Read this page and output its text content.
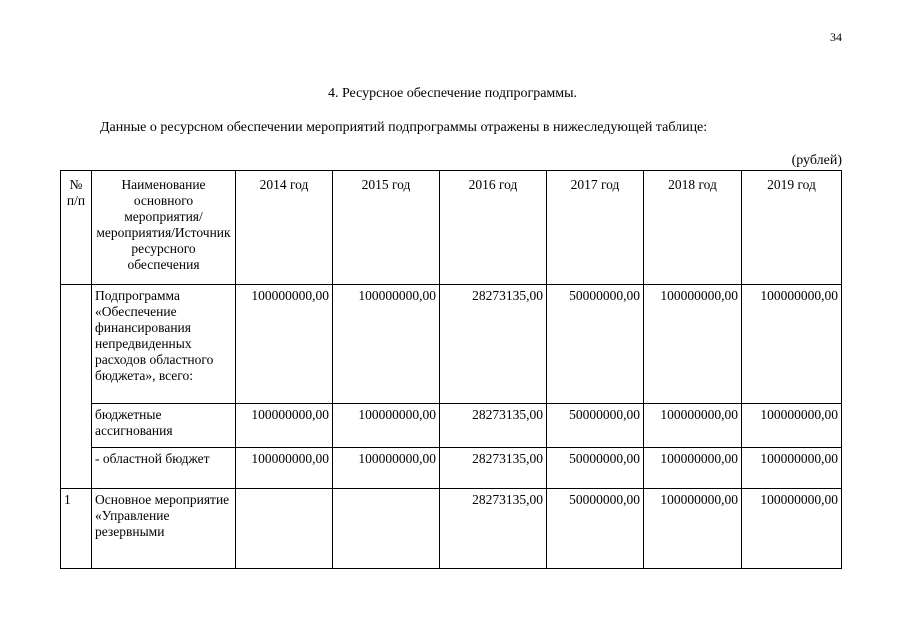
34
4. Ресурсное обеспечение подпрограммы.
Данные о ресурсном обеспечении мероприятий подпрограммы отражены в нижеследующей таблице:
(рублей)
№ п/п	Наименование основного мероприятия/мероприятия/Источник ресурсного обеспечения	2014 год	2015 год	2016 год	2017 год	2018 год	2019 год
	Подпрограмма «Обеспечение финансирования непредвиденных расходов областного бюджета», всего:	100000000,00	100000000,00	28273135,00	50000000,00	100000000,00	100000000,00
	бюджетные ассигнования	100000000,00	100000000,00	28273135,00	50000000,00	100000000,00	100000000,00
	- областной бюджет	100000000,00	100000000,00	28273135,00	50000000,00	100000000,00	100000000,00
1	Основное мероприятие «Управление резервными			28273135,00	50000000,00	100000000,00	100000000,00
